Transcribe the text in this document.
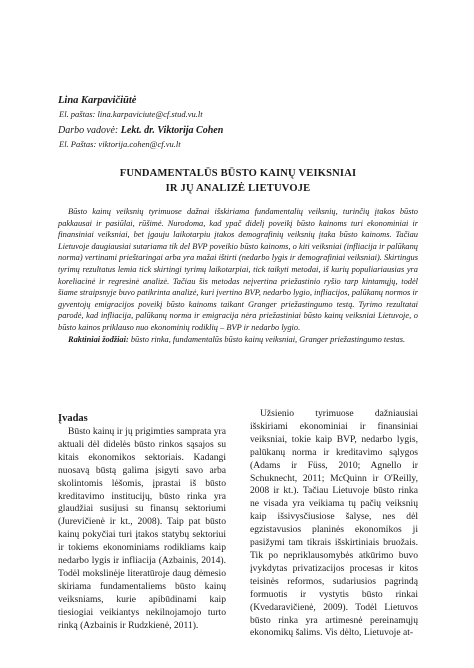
Lina Karpavičiūtė

El. paštas: lina.karpaviciute@cf.stud.vu.lt

Darbo vadovė: Lekt. dr. Viktorija Cohen

El. Paštas: viktorija.cohen@cf.vu.lt

FUNDAMENTALŪS BŪSTO KAINŲ VEIKSNIAI
IR JŲ ANALIZĖ LIETUVOJE

Būsto kainų veiksnių tyrimuose dažnai išskiriama fundamentalių veiksnių, turinčių įtakos būsto pakkausai ir pasiūlai, rūšimė. Nurodoma, kad ypač didelį poveikį būsto kainoms turi ekonominiai ir finansiniai veiksniai, bet įgauju laikotarpiu įtakos demografinių veiksnių įtaka būsto kainoms. Tačiau Lietuvoje daugiausiai sutariama tik del BVP poveikio būsto kainoms, o kiti veiksniai (infliacija ir palūkanų norma) vertinami prieštaringai arba yra mažai ištirti (nedarbo lygis ir demografiniai veiksniai). Skirtingus tyrimų rezultatus lemia tick skirtingi tyrimų laikotarpiai, tick taikyti metodai, iš kurių populiariausias yra koreliacinė ir regresinė analizė. Tačiau šis metodas neįvertina priežastinio ryšio tarp kintamųjų, todėl šiame straipsnyje buvo patikrinta analizė, kuri įvertino BVP, nedarbo lygio, infliacijos, palūkanų normos ir gyventojų emigracijos poveikį būsto kainoms taikant Granger priežastingumo testą. Tyrimo rezultatai parodė, kad infliacija, palūkanų norma ir emigracija nėra priežastiniai būsto kainų veiksniai Lietuvoje, o būsto kainos priklauso nuo ekonominių rodiklių – BVP ir nedarbo lygio.

Raktiniai žodžiai: būsto rinka, fundamentalūs būsto kainų veiksniai, Granger priežastingumo testas.

Įvadas

Būsto kainų ir jų prigimties samprata yra aktuali dėl didelės būsto rinkos sąsajos su kitais ekonomikos sektoriais. Kadangi nuosavą būstą galima įsigyti savo arba skolintomis lėšomis, įprastai iš būsto kreditavimo institucijų, būsto rinka yra glaudžiai susijusi su finansų sektoriumi (Jurevičienė ir kt., 2008). Taip pat būsto kainų pokyčiai turi įtakos statybų sektoriui ir tokiems ekonominiams rodikliams kaip nedarbo lygis ir infliacija (Azbainis, 2014). Todėl mokslinėje literatūroje daug dėmesio skiriama fundamentaliems būsto kainų veiksniams, kurie apibūdinami kaip tiesiogiai veikiantys nekilnojamojo turto rinką (Azbainis ir Rudzkienė, 2011).

Užsienio tyrimuose dažniausiai išskiriami ekonominiai ir finansiniai veiksniai, tokie kaip BVP, nedarbo lygis, palūkanų norma ir kreditavimo sąlygos (Adams ir Füss, 2010; Agnello ir Schuknecht, 2011; McQuinn ir O'Reilly, 2008 ir kt.). Tačiau Lietuvoje būsto rinka ne visada yra veikiama tų pačių veiksnių kaip išsivysčiusiose šalyse, nes dėl egzistavusios planinės ekonomikos ji pasižymi tam tikrais išskirtiniais bruožais. Tik po nepriklausomybės atkūrimo buvo įvykdytas privatizacijos procesas ir kitos teisinės reformos, sudariusios pagrindą formuotis ir vystytis būsto rinkai (Kvedaravičienė, 2009). Todėl Lietuvos būsto rinka yra artimesnė pereinamųjų ekonomikų šalims. Vis dėlto, Lietuvoje at-
